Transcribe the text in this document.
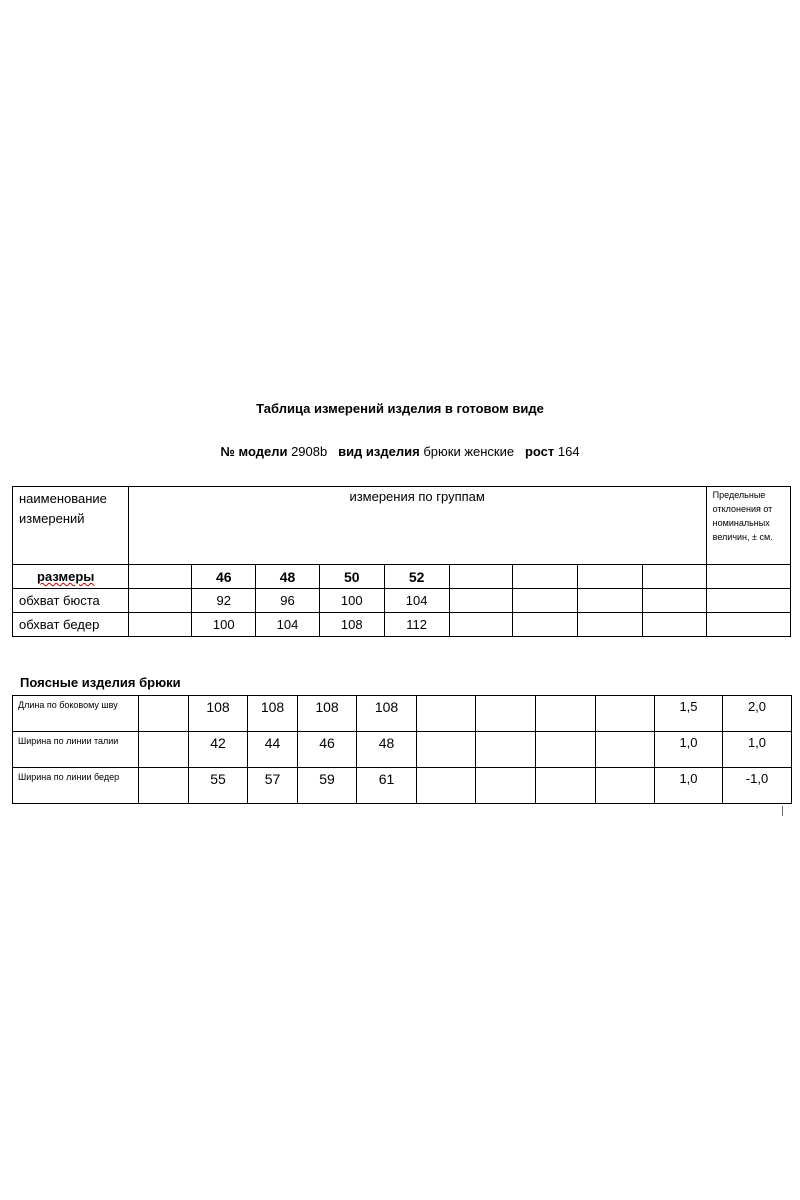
Таблица измерений изделия в готовом виде
№ модели 2908b вид изделия брюки женские рост 164
наименование измерений	измерения по группам									Предельные отклонения от номинальных величин, ± см.
размеры		46	48	50	52					
обхват бюста		92	96	100	104					
обхват бедер		100	104	108	112					
Поясные изделия брюки
Длина по боковому шву		108	108	108	108					1,5	2,0
Ширина по линии талии		42	44	46	48					1,0	1,0
Ширина по линии бедер		55	57	59	61					1,0	-1,0
